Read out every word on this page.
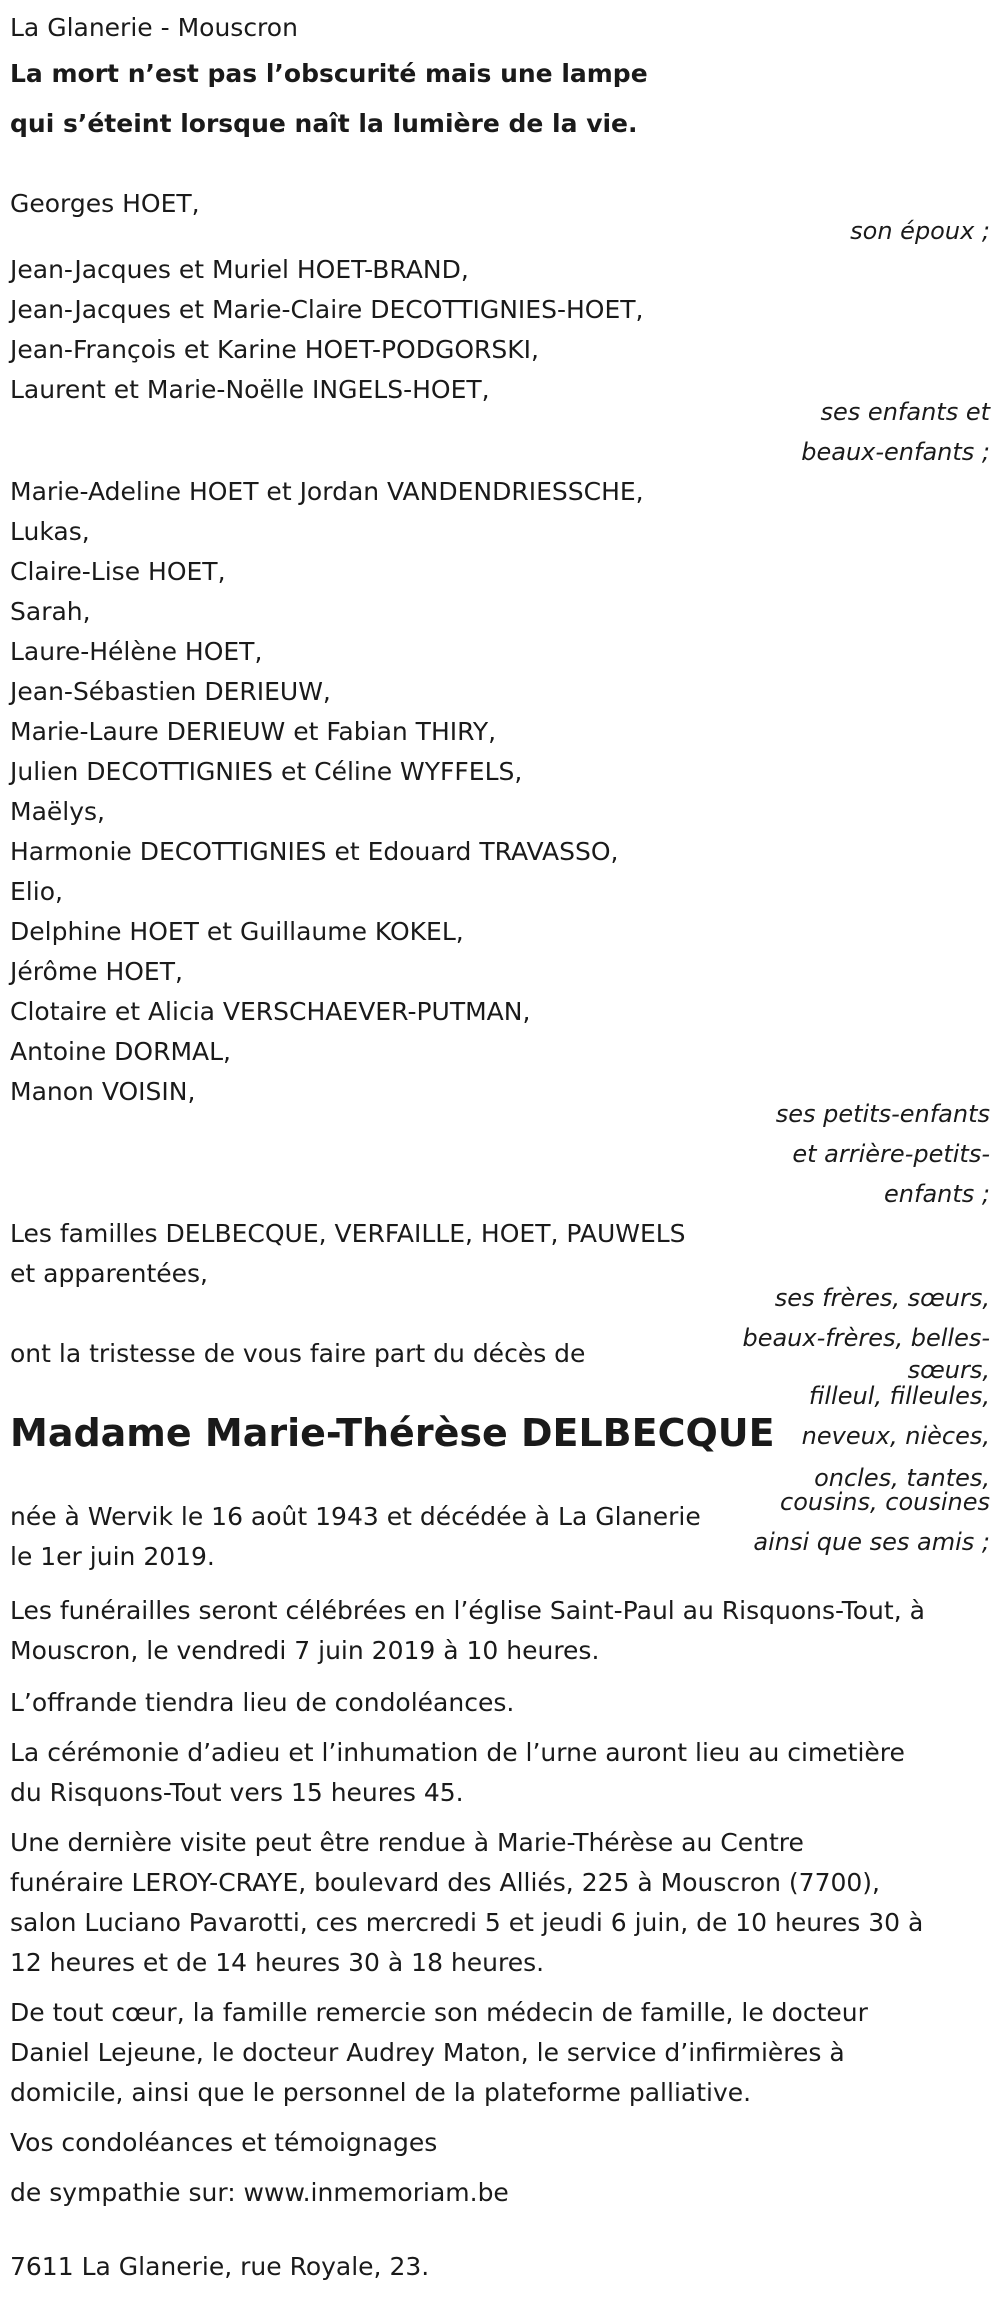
La Glanerie - Mouscron

La mort n’est pas l’obscurité mais une lampe

qui s’éteint lorsque naît la lumière de la vie.

Georges HOET,

son époux ;

Jean-Jacques et Muriel HOET-BRAND,

Jean-Jacques et Marie-Claire DECOTTIGNIES-HOET,

Jean-François et Karine HOET-PODGORSKI,

Laurent et Marie-Noëlle INGELS-HOET,

ses enfants et
beaux-enfants ;

Marie-Adeline HOET et Jordan VANDENDRIESSCHE,

Lukas,

Claire-Lise HOET,

Sarah,

Laure-Hélène HOET,

Jean-Sébastien DERIEUW,

Marie-Laure DERIEUW et Fabian THIRY,

Julien DECOTTIGNIES et Céline WYFFELS,

Maëlys,

Harmonie DECOTTIGNIES et Edouard TRAVASSO,

Elio,

Delphine HOET et Guillaume KOKEL,

Jérôme HOET,

Clotaire et Alicia VERSCHAEVER-PUTMAN,

Antoine DORMAL,

Manon VOISIN,

ses petits-enfants
et arrière-petits-
enfants ;

Les familles DELBECQUE, VERFAILLE, HOET, PAUWELS

et apparentées,

ses frères, sœurs,
beaux-frères, belles-
sœurs,
filleul, filleules,
neveux, nièces,
oncles, tantes,
cousins, cousines
ainsi que ses amis ;

ont la tristesse de vous faire part du décès de

Madame Marie-Thérèse DELBECQUE

née à Wervik le 16 août 1943 et décédée à La Glanerie

le 1er juin 2019.

Les funérailles seront célébrées en l’église Saint-Paul au Risquons-Tout, à

Mouscron, le vendredi 7 juin 2019 à 10 heures.

L’offrande tiendra lieu de condoléances.

La cérémonie d’adieu et l’inhumation de l’urne auront lieu au cimetière

du Risquons-Tout vers 15 heures 45.

Une dernière visite peut être rendue à Marie-Thérèse au Centre

funéraire LEROY-CRAYE, boulevard des Alliés, 225 à Mouscron (7700),

salon Luciano Pavarotti, ces mercredi 5 et jeudi 6 juin, de 10 heures 30 à

12 heures et de 14 heures 30 à 18 heures.

De tout cœur, la famille remercie son médecin de famille, le docteur

Daniel Lejeune, le docteur Audrey Maton, le service d’infirmières à

domicile, ainsi que le personnel de la plateforme palliative.

Vos condoléances et témoignages

de sympathie sur: www.inmemoriam.be

7611 La Glanerie, rue Royale, 23.
